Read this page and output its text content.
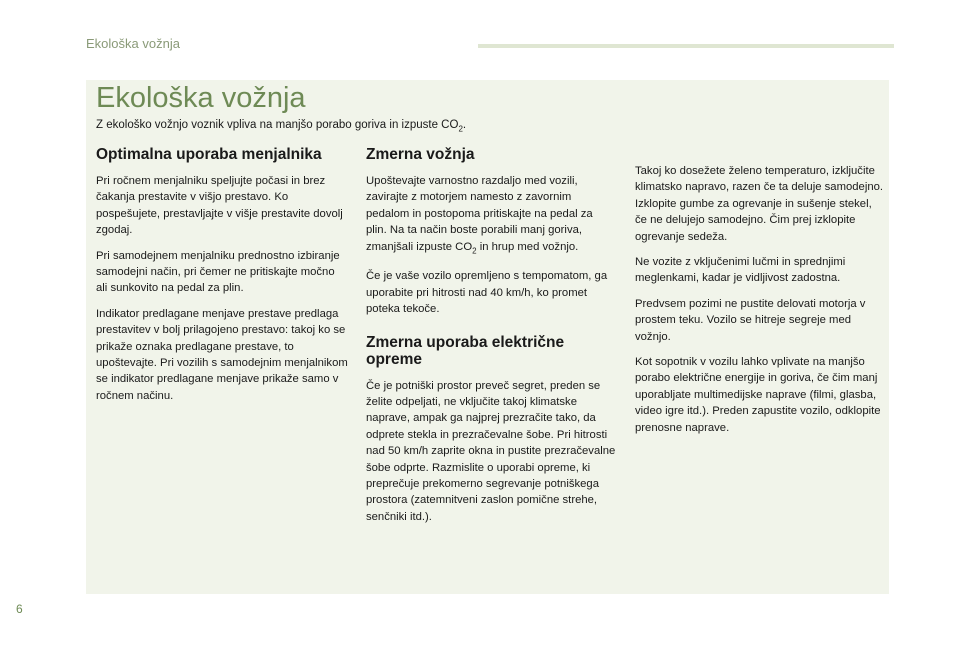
Ekološka vožnja
Ekološka vožnja

Z ekološko vožnjo voznik vpliva na manjšo porabo goriva in izpuste $CO_2$.

Optimalna uporaba menjalnika

Pri ročnem menjalniku speljujte počasi in brez čakanja prestavite v višjo prestavo. Ko pospešujete, prestavljajte v višje prestavite dovolj zgodaj.

Pri samodejnem menjalniku prednostno izbiranje samodejni način, pri čemer ne pritiskajte močno ali sunkovito na pedal za plin.

Indikator predlagane menjave prestave predlaga prestavitev v bolj prilagojeno prestavo: takoj ko se prikaže oznaka predlagane prestave, to upoštevajte. Pri vozilih s samodejnim menjalnikom se indikator predlagane menjave prikaže samo v ročnem načinu.

Zmerna vožnja

Upoštevajte varnostno razdaljo med vozili, zavirajte z motorjem namesto z zavornim pedalom in postopoma pritiskajte na pedal za plin. Na ta način boste porabili manj goriva, zmanjšali izpuste $CO_2$ in hrup med vožnjo.

Če je vaše vozilo opremljeno s tempomatom, ga uporabite pri hitrosti nad 40 km/h, ko promet poteka tekoče.

Zmerna uporaba električne opreme

Če je potniški prostor preveč segret, preden se želite odpeljati, ne vključite takoj klimatske naprave, ampak ga najprej prezračite tako, da odprete stekla in prezračevalne šobe. Pri hitrosti nad 50 km/h zaprite okna in pustite prezračevalne šobe odprte. Razmislite o uporabi opreme, ki preprečuje prekomerno segrevanje potniškega prostora (zatemnitveni zaslon pomične strehe, senčniki itd.).

Takoj ko dosežete želeno temperaturo, izključite klimatsko napravo, razen če ta deluje samodejno. Izklopite gumbe za ogrevanje in sušenje stekel, če ne delujejo samodejno. Čim prej izklopite ogrevanje sedeža.

Ne vozite z vključenimi lučmi in sprednjimi meglenkami, kadar je vidljivost zadostna.

Predvsem pozimi ne pustite delovati motorja v prostem teku. Vozilo se hitreje segreje med vožnjo.

Kot sopotnik v vozilu lahko vplivate na manjšo porabo električne energije in goriva, če čim manj uporabljate multimedijske naprave (filmi, glasba, video igre itd.). Preden zapustite vozilo, odklopite prenosne naprave.

6
